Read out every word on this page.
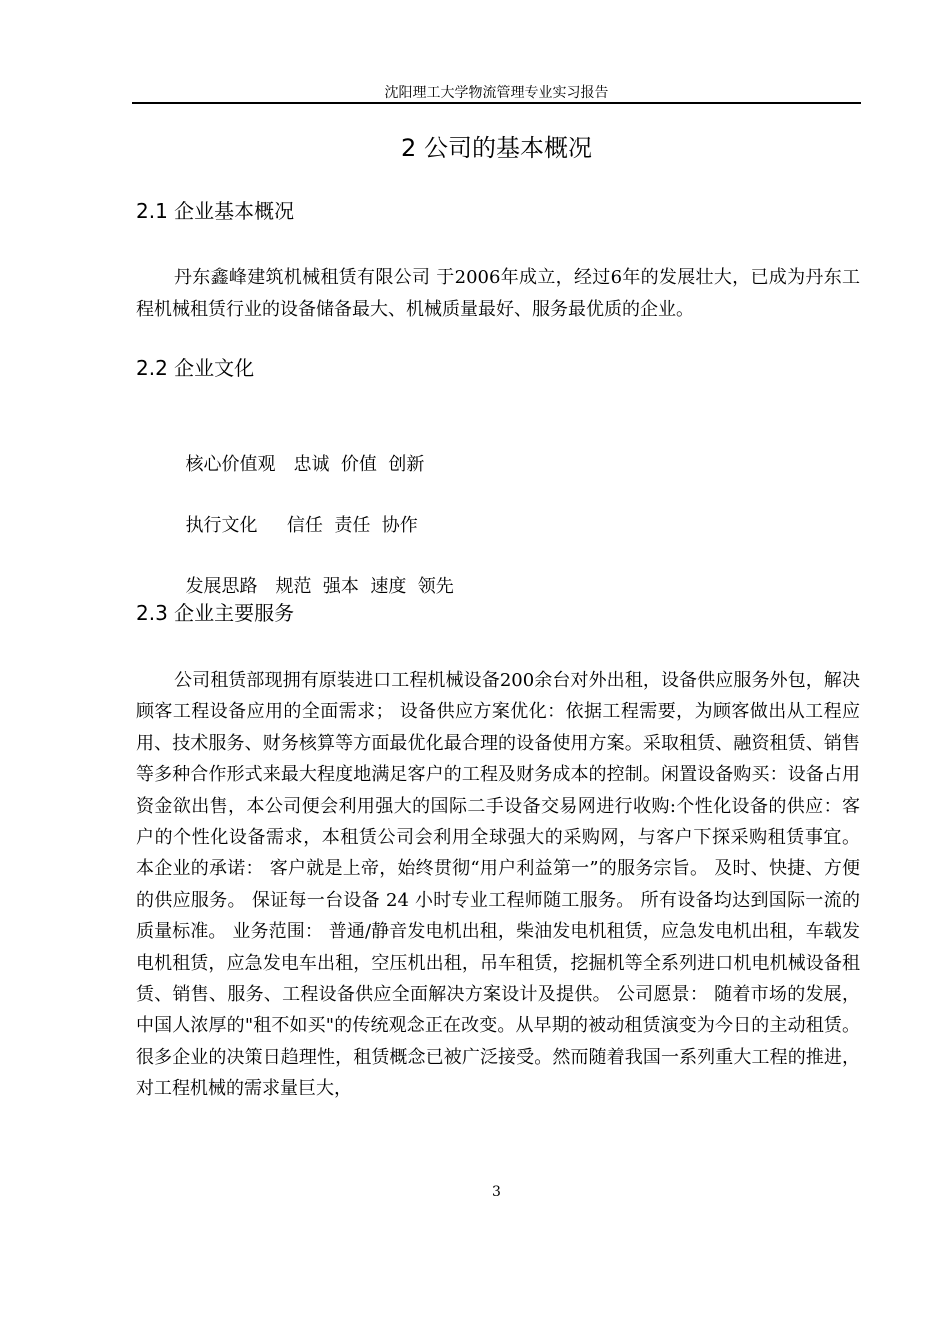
沈阳理工大学物流管理专业实习报告
2 公司的基本概况
2.1 企业基本概况

丹东鑫峰建筑机械租赁有限公司 于2006年成立，经过6年的发展壮大，已成为丹东工程机械租赁行业的设备储备最大、机械质量最好、服务最优质的企业。

2.2 企业文化

核心价值观 忠诚  价值  创新

执行文化  信任  责任  协作

发展思路 规范  强本  速度  领先

2.3 企业主要服务

公司租赁部现拥有原装进口工程机械设备200余台对外出租，设备供应服务外包，解决顾客工程设备应用的全面需求； 设备供应方案优化：依据工程需要，为顾客做出从工程应用、技术服务、财务核算等方面最优化最合理的设备使用方案。采取租赁、融资租赁、销售等多种合作形式来最大程度地满足客户的工程及财务成本的控制。闲置设备购买：设备占用资金欲出售，本公司便会利用强大的国际二手设备交易网进行收购:个性化设备的供应：客户的个性化设备需求，本租赁公司会利用全球强大的采购网，与客户下探采购租赁事宜。 本企业的承诺： 客户就是上帝，始终贯彻“用户利益第一”的服务宗旨。 及时、快捷、方便的供应服务。 保证每一台设备 24 小时专业工程师随工服务。 所有设备均达到国际一流的质量标准。 业务范围： 普通/静音发电机出租，柴油发电机租赁，应急发电机出租，车载发电机租赁，应急发电车出租，空压机出租，吊车租赁，挖掘机等全系列进口机电机械设备租赁、销售、服务、工程设备供应全面解决方案设计及提供。 公司愿景： 随着市场的发展，中国人浓厚的"租不如买"的传统观念正在改变。从早期的被动租赁演变为今日的主动租赁。很多企业的决策日趋理性，租赁概念已被广泛接受。然而随着我国一系列重大工程的推进，对工程机械的需求量巨大，

3
